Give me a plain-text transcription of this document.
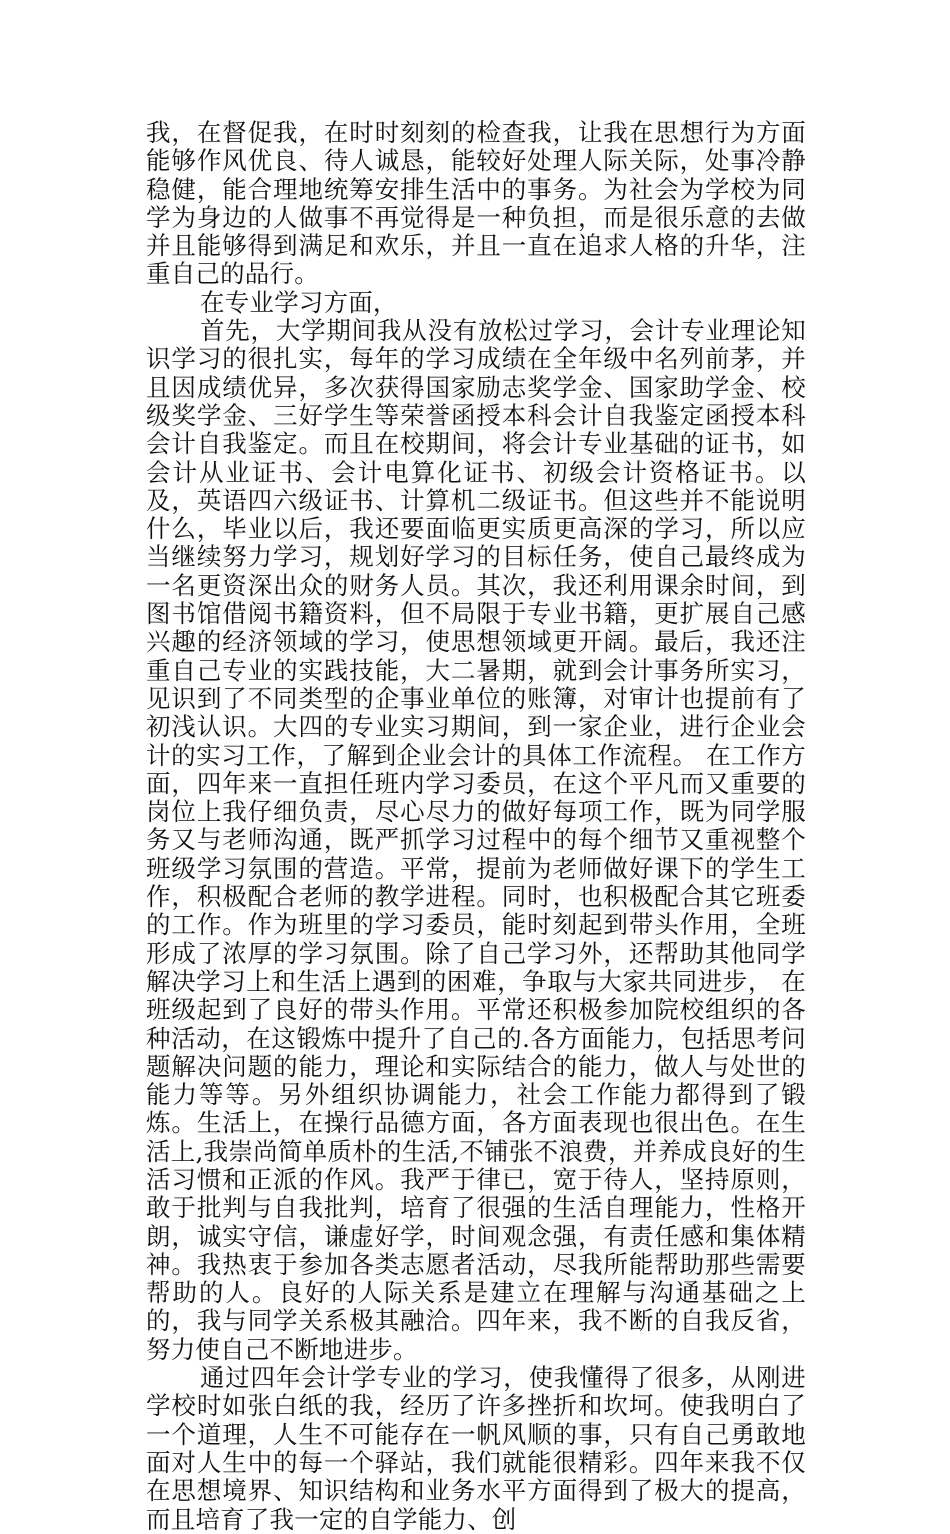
我，在督促我，在时时刻刻的检查我，让我在思想行为方面能够作风优良、待人诚恳，能较好处理人际关际，处事冷静稳健，能合理地统筹安排生活中的事务。为社会为学校为同学为身边的人做事不再觉得是一种负担，而是很乐意的去做并且能够得到满足和欢乐，并且一直在追求人格的升华，注重自己的品行。

在专业学习方面，

首先，大学期间我从没有放松过学习，会计专业理论知识学习的很扎实，每年的学习成绩在全年级中名列前茅，并且因成绩优异，多次获得国家励志奖学金、国家助学金、校级奖学金、三好学生等荣誉函授本科会计自我鉴定函授本科会计自我鉴定。而且在校期间，将会计专业基础的证书，如会计从业证书、会计电算化证书、初级会计资格证书。以及，英语四六级证书、计算机二级证书。但这些并不能说明什么，毕业以后，我还要面临更实质更高深的学习，所以应当继续努力学习，规划好学习的目标任务，使自己最终成为一名更资深出众的财务人员。其次，我还利用课余时间，到图书馆借阅书籍资料，但不局限于专业书籍，更扩展自己感兴趣的经济领域的学习，使思想领域更开阔。最后，我还注重自己专业的实践技能，大二暑期，就到会计事务所实习，见识到了不同类型的企事业单位的账簿，对审计也提前有了初浅认识。大四的专业实习期间，到一家企业，进行企业会计的实习工作，了解到企业会计的具体工作流程。 在工作方面，四年来一直担任班内学习委员，在这个平凡而又重要的岗位上我仔细负责，尽心尽力的做好每项工作，既为同学服务又与老师沟通，既严抓学习过程中的每个细节又重视整个班级学习氛围的营造。平常，提前为老师做好课下的学生工作，积极配合老师的教学进程。同时，也积极配合其它班委的工作。作为班里的学习委员，能时刻起到带头作用，全班形成了浓厚的学习氛围。除了自己学习外，还帮助其他同学解决学习上和生活上遇到的困难，争取与大家共同进步， 在班级起到了良好的带头作用。平常还积极参加院校组织的各种活动，在这锻炼中提升了自己的.各方面能力，包括思考问题解决问题的能力，理论和实际结合的能力，做人与处世的能力等等。另外组织协调能力，社会工作能力都得到了锻炼。生活上，在操行品德方面，各方面表现也很出色。在生活上,我崇尚简单质朴的生活,不铺张不浪费，并养成良好的生活习惯和正派的作风。我严于律已，宽于待人，坚持原则，敢于批判与自我批判，培育了很强的生活自理能力，性格开朗，诚实守信，谦虚好学，时间观念强，有责任感和集体精神。我热衷于参加各类志愿者活动，尽我所能帮助那些需要帮助的人。良好的人际关系是建立在理解与沟通基础之上的，我与同学关系极其融洽。四年来，我不断的自我反省，努力使自己不断地进步。

通过四年会计学专业的学习，使我懂得了很多，从刚进学校时如张白纸的我，经历了许多挫折和坎坷。使我明白了一个道理，人生不可能存在一帆风顺的事，只有自己勇敢地面对人生中的每一个驿站，我们就能很精彩。四年来我不仅在思想境界、知识结构和业务水平方面得到了极大的提高，而且培育了我一定的自学能力、创
